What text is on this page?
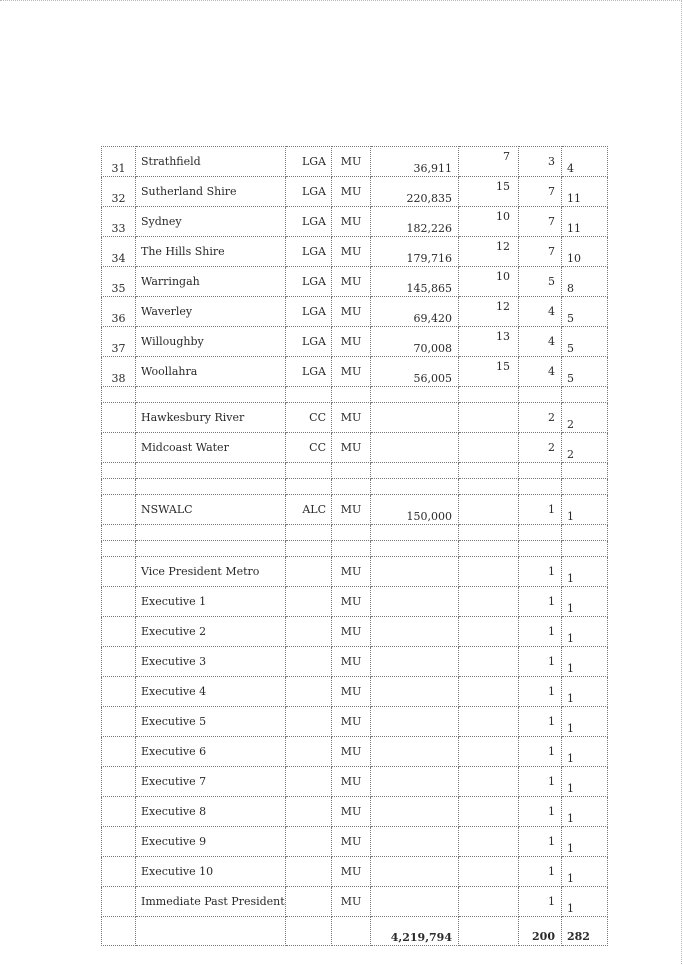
31	Strathfield	LGA	MU	36,911	7	3	4
32	Sutherland Shire	LGA	MU	220,835	15	7	11
33	Sydney	LGA	MU	182,226	10	7	11
34	The Hills Shire	LGA	MU	179,716	12	7	10
35	Warringah	LGA	MU	145,865	10	5	8
36	Waverley	LGA	MU	69,420	12	4	5
37	Willoughby	LGA	MU	70,008	13	4	5
38	Woollahra	LGA	MU	56,005	15	4	5

	Hawkesbury River	CC	MU			2	2
	Midcoast Water	CC	MU			2	2

	NSWALC	ALC	MU	150,000		1	1

	Vice President Metro		MU			1	1
	Executive 1		MU			1	1
	Executive 2		MU			1	1
	Executive 3		MU			1	1
	Executive 4		MU			1	1
	Executive 5		MU			1	1
	Executive 6		MU			1	1
	Executive 7		MU			1	1
	Executive 8		MU			1	1
	Executive 9		MU			1	1
	Executive 10		MU			1	1
	Immediate Past President		MU			1	1
				4,219,794		200	282
